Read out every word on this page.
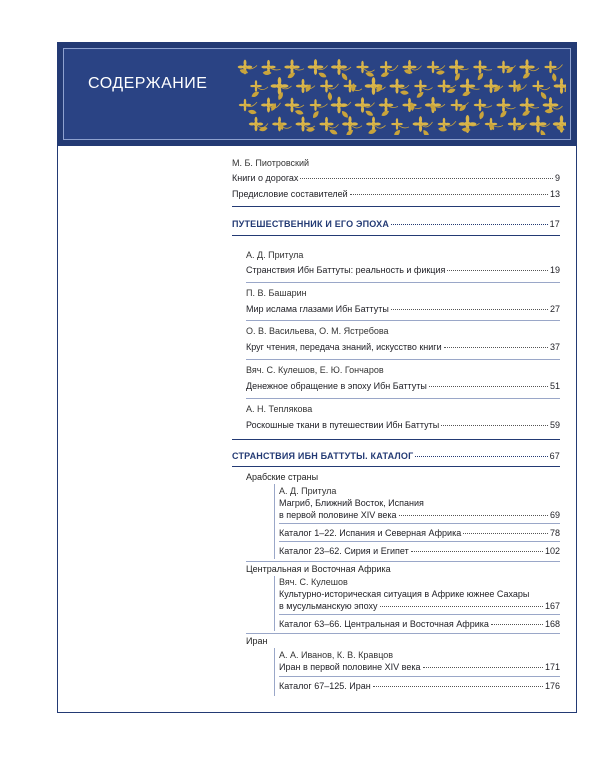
СОДЕРЖАНИЕ
М. Б. Пиотровский
Книги о дорогах	9
Предисловие составителей	13
ПУТЕШЕСТВЕННИК И ЕГО ЭПОХА	17
А. Д. Притула
Странствия Ибн Баттуты: реальность и фикция	19
П. В. Башарин
Мир ислама глазами Ибн Баттуты	27
О. В. Васильева, О. М. Ястребова
Круг чтения, передача знаний, искусство книги	37
Вяч. С. Кулешов, Е. Ю. Гончаров
Денежное обращение в эпоху Ибн Баттуты	51
А. Н. Теплякова
Роскошные ткани в путешествии Ибн Баттуты	59
СТРАНСТВИЯ ИБН БАТТУТЫ. КАТАЛОГ	67
Арабские страны
А. Д. Притула
Магриб, Ближний Восток, Испания
в первой половине XIV века	69
Каталог 1–22. Испания и Северная Африка	78
Каталог 23–62. Сирия и Египет	102
Центральная и Восточная Африка
Вяч. С. Кулешов
Культурно-историческая ситуация в Африке южнее Сахары
в мусульманскую эпоху	167
Каталог 63–66. Центральная и Восточная Африка	168
Иран
А. А. Иванов, К. В. Кравцов
Иран в первой половине XIV века	171
Каталог 67–125. Иран	176
